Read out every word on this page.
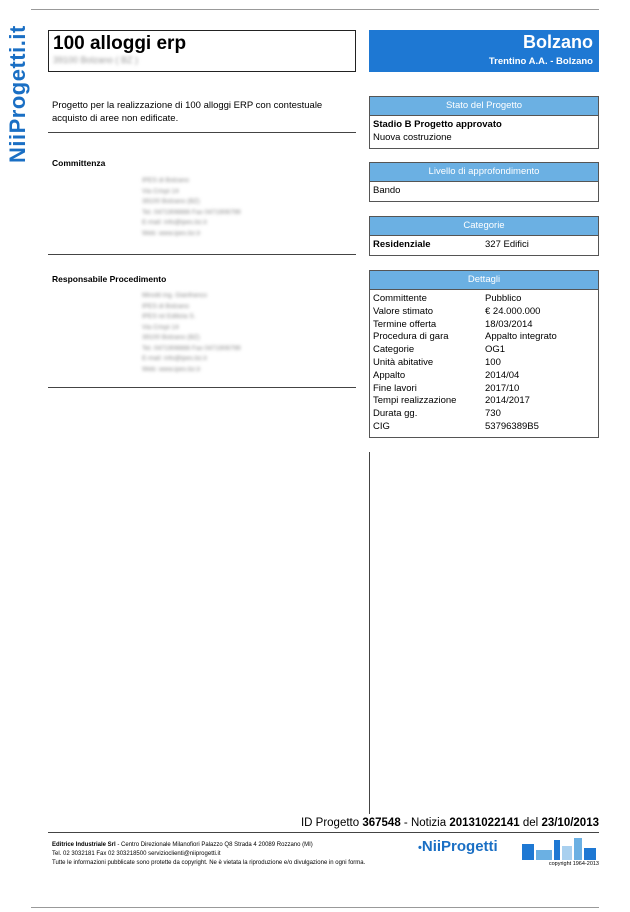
NiiProgetti.it 100 alloggi erp
39100 Bolzano ( BZ )
Bolzano
Trentino A.A. - Bolzano
Progetto per la realizzazione di 100 alloggi ERP con contestuale acquisto di aree non edificate.
Committenza
IPES di Bolzano
Via Crispi 14
39100 Bolzano (BZ)
Tel. 0471906666 Fax 0471906799
E-mail: info@ipes.bz.it
Web: www.ipes.bz.it
Responsabile Procedimento
Minotti ing. Gianfranco
IPES di Bolzano
IPES ist Edilizia S.
Via Crispi 14
39100 Bolzano (BZ)
Tel. 0471906666 Fax 0471906799
E-mail: info@ipes.bz.it
Web: www.ipes.bz.it
Stato del Progetto
Stadio B Progetto approvato
Nuova costruzione
Livello di approfondimento
Bando
Categorie
Residenziale	327 Edifici
Dettagli
Committente	Pubblico
Valore stimato	€ 24.000.000
Termine offerta	18/03/2014
Procedura di gara	Appalto integrato
Categorie	OG1
Unità abitative	100
Appalto	2014/04
Fine lavori	2017/10
Tempi realizzazione	2014/2017
Durata gg.	730
CIG	53796389B5
ID Progetto 367548 - Notizia 20131022141 del 23/10/2013
Editrice Industriale Srl - Centro Direzionale Milanofiori Palazzo Q8 Strada 4 20089 Rozzano (MI)
Tel. 02 3032181 Fax 02 303218500 servizioclienti@niiprogetti.it
Tutte le informazioni pubblicate sono protette da copyright. Ne è vietata la riproduzione e/o divulgazione in ogni forma.
•NiiProgetti
copyright 1964-2013
